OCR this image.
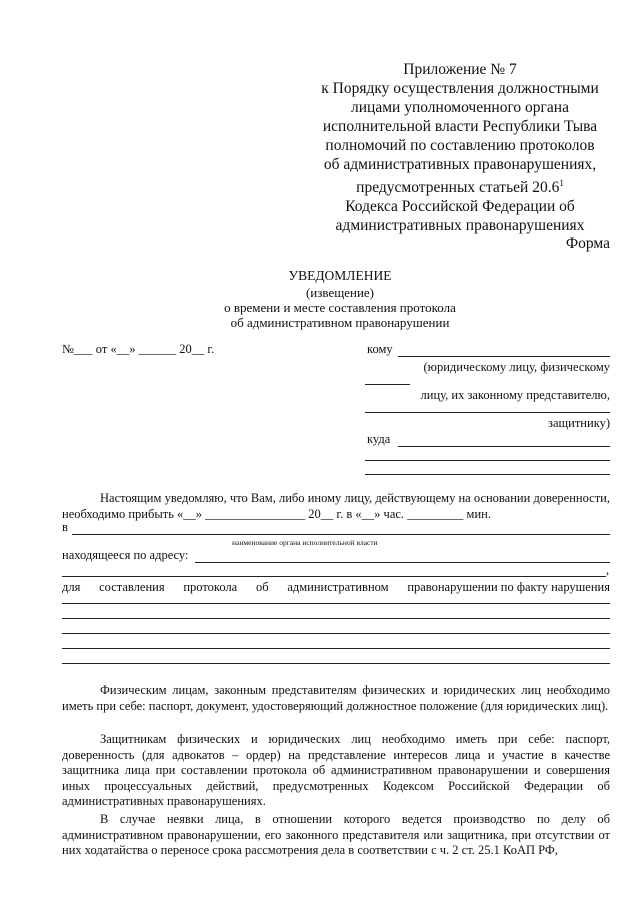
Приложение № 7
к Порядку осуществления должностными
лицами уполномоченного органа
исполнительной власти Республики Тыва
полномочий по составлению протоколов
об административных правонарушениях,
предусмотренных статьей 20.6$^1$
Кодекса Российской Федерации об
административных правонарушениях
Форма
УВЕДОМЛЕНИЕ
(извещение)
о времени и месте составления протокола
об административном правонарушении
№___ от «__» ______ 20__ г.	кому
(юридическому лицу, физическому
лицу, их законному представителю,
защитнику)
куда
Настоящим уведомляю, что Вам, либо иному лицу, действующему на основании доверенности, необходимо прибыть «__» ________________ 20__ г. в «__» час. _________ мин.
в
наименование органа исполнительной власти
находящееся по адресу:
,
для составления протокола об административном правонарушении по факту нарушения
Физическим лицам, законным представителям физических и юридических лиц необходимо иметь при себе: паспорт, документ, удостоверяющий должностное положение (для юридических лиц).
Защитникам физических и юридических лиц необходимо иметь при себе: паспорт, доверенность (для адвокатов – ордер) на представление интересов лица и участие в качестве защитника лица при составлении протокола об административном правонарушении и совершения иных процессуальных действий, предусмотренных Кодексом Российской Федерации об административных правонарушениях.
В случае неявки лица, в отношении которого ведется производство по делу об административном правонарушении, его законного представителя или защитника, при отсутствии от них ходатайства о переносе срока рассмотрения дела в соответствии с ч. 2 ст. 25.1 КоАП РФ,
